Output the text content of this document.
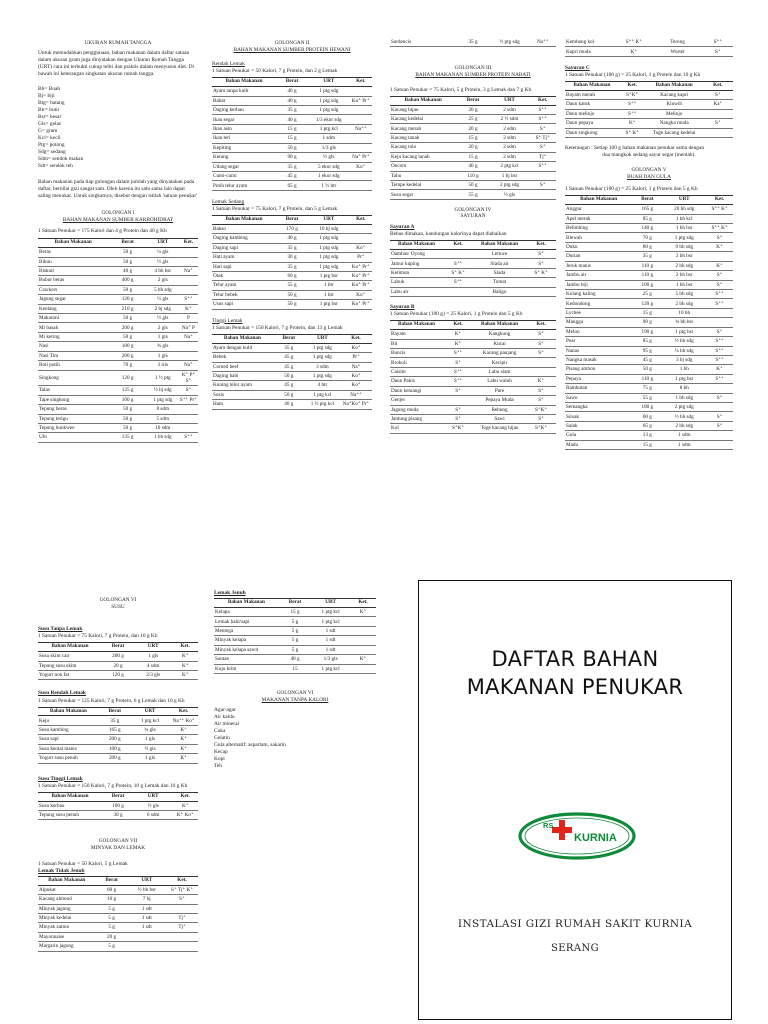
UKURAN RUMAH TANGGA

Untuk memudahkan penggunaan, bahan makanan dalam daftar satuan dalam ukuran gram juga dinyatakan dengan Ukuran Rumah Tangga (URT) cara ini terbukti cukup teliti dan praktis dalam menyusun diet. Di bawah ini keterangan singkatan ukuran rumah tangga.

Bh= Buah
Bj= biji
Btg= batang
Btr= butir
Bsr= besar
Gls= gelas
G= gram
Kcl= kecil
Ptg= potong
Sdg= sedang
Sdm= sendok makan
Sdt= sendok teh

Bahan makanan pada tiap golongan dalam jumlah yang dinyatakan pada daftar, bernilai gizi sangat sam. Oleh karena itu satu sama lain dapat saling menukar. Untuk singkatnya, disebut dengan istilah 'satuan penukar'

GOLONGAN I

BAHAN MAKANAN SUMBER KARBOHIDRAT

1 Satuan Penukar = 175 Kalori dan 4 g Protein dan 40 g Kh

Bahan Makanan	Berat	URT	Ket.
Beras	50 g	¼ gls	
Bihun	50 g	½ gls	
Biskuit	40 g	4 bh bsr	Na⁺
Bubur beras	400 g	2 gls	
Crackers	50 g	5 bh sdg	
Jagung segar	120 g	½ gls	S⁺⁺
Kentang	210 g	2 bj sdg	K⁺
Makaroni	50 g	½ gls	P
Mi basah	200 g	2 gls	Na⁺ P
Mi kering	50 g	1 gls	Na⁺
Nasi	100 g	¾ gls	
Nasi Tim	200 g	1 gls	
Roti putih	70 g	3 iris	Na⁺
Singkong	120 g	1 ½ ptg	K⁺ P⁺ S⁺
Talas	125 g	½ bj sdg	S⁺
Tape singkong	100 g	1 ptg sdg	S⁺⁺ Pr⁺
Tepung beras	50 g	8 sdm	
Tepung terigu	50 g	5 sdm	
Tepung hunkwee	50 g	10 sdm	
Ubi	135 g	1 bh sdg	S⁺⁺

GOLONGAN II

BAHAN MAKANAN SUMBER PROTEIN HEWANI

Rendah Lemak

1 Satuan Penukar = 50 Kalori, 7 g Protein, dan 2 g Lemak

Bahan Makanan	Berat	URT	Ket.
Ayam tanpa kulit	40 g	1 ptg sdg	
Babat	40 g	1 ptg sdg	Ko⁺ Pr⁺
Daging kerbau	35 g	1 ptg sdg	
Ikan segar	40 g	1/3 ekor sdg	
Ikan asin	15 g	1 ptg kcl	Na⁺⁺
Ikan teri	15 g	1 sdm	
Kepiting	50 g	1/3 gls	
Kerang	90 g	½ gls	Na⁺ Pr⁺
Udang segar	35 g	5 ekor sdg	Ko⁺
Cumi-cumi	45 g	1 ekor sdg	
Putih telur ayam	65 g	1 ½ btr	

Lemak Sedang

1 Satuan Penukar = 75 Kalori, 7 g Protein, dan 5 g Lemak

Bahan Makanan	Berat	URT	Ket.
Bakso	170 g	10 bj sdg	
Daging kambing	40 g	1 ptg sdg	
Daging sapi	35 g	1 ptg sdg	Ko⁺
Hati ayam	30 g	1 ptg sdg	Pr⁺
Hati sapi	35 g	1 ptg sdg	Ko⁺ Pr⁺
Otak	60 g	1 ptg bsr	Ko⁺ Pr⁺
Telur ayam	55 g	1 btr	Ko⁺ Pr⁺
Telur bebek	50 g	1 btr	Ko⁺
Usus sapi	50 g	1 ptg bsr	Ko⁺ Pr⁺

Tinggi Lemak

1 Satuan Penukar = 150 Kalori, 7 g Protein, dan 13 g Lemak

Bahan Makanan	Berat	URT	Ket.
Ayam dengan kulit	35 g	1 ptg sdg	Ko⁺
Bebek	45 g	1 ptg sdg	Pr⁺
Corned beef	45 g	3 sdm	Na⁺
Daging babi	50 g	1 ptg sdg	Ko⁺
Kuning telur ayam	45 g	4 btr	Ko⁺
Sosis	50 g	1 ptg kcl	Na⁺⁺
Ham	40 g	1 ½ ptg kcl	Na⁺Ko⁺ Pr⁺
Sardencis	35 g	½ ptg sdg	Na⁺⁺

GOLONGAN III

BAHAN MAKANAN SUMBER PROTEIN NABATI

1 Satuan Penukar = 75 Kalori, 5 g Protein, 3 g Lemak dan 7 g Kh

Bahan Makanan	Berat	URT	Ket.
Kacang hijau	20 g	2 sdm	S⁺⁺
Kacang kedelai	25 g	2 ½ sdm	S⁺⁺
Kacang merah	20 g	2 sdm	S⁺
Kacang tanah	15 g	2 sdm	S⁺ Tj⁺
Kacang tolo	20 g	2 sdm	S⁺
Keju kacang tanah	15 g	2 sdm	Tj⁺
Oncom	40 g	2 ptg kcl	S⁺⁺
Tahu	110 g	1 bj bsr	
Tempe kedelai	50 g	2 ptg sdg	S⁺
Susu segar	55 g	½ gls	

GOLONGAN IV

SAYURAN

Sayuran A

Bebas dimakan, kandungan kalorinya dapat diabaikan

Bahan Makanan	Ket.	Bahan Makanan	Ket.
Oambas/ Oyong		Lettuce	S⁺
Jamur kuping	S⁺⁺	Sladа air	S⁺
Ketimun	S⁺ K⁺	Slada	S⁺ K⁺
Labuk	S⁺⁺	Tomat	
Labu air		Baligo	

Sayuran B

1 Satuan Penukar (100 g) = 25 Kalori, 1 g Protein dan 5 g Kh

Bahan Makanan	Ket.	Bahan Makanan	Ket.
Bayam	K⁺	Kangkung	S⁺
Bit	K⁺	Kucai	S⁺
Buncis	S⁺⁺	Kacang panjang	S⁺
Brokoli	S⁺	Kecipir	
Caisim	S⁺⁺	Labu siam	
Daun Pakis	S⁺⁺	Labu waluh	K⁺
Daun kemangi	S⁺	Pare	S⁺
Genjer		Pepaya Muda	S⁺
Jagung muda	S⁺	Rebung	S⁺K⁺
Jantung pisang	S⁺	Sawi	S⁺
Kol	S⁺K⁺	Toge kacang hijau	S⁺K⁺
Kembang kol	S⁺⁺ K⁺	Terong	S⁺⁺
Kapri muda	K⁺	Wortel	S⁺

Sayuran C

1 Satuan Penukar (100 g) = 25 Kalori, 1 g Protein dan 10 g Kh

Bahan Makanan	Ket.	Bahan Makanan	Ket.
Bayam merah	S⁺K⁺	Kacang kapri	S⁺
Daun katuk	S⁺⁺	Kluwih	Ka⁺
Daun melinjo	S⁺⁺	Melinjo	
Daun pepaya	K⁺	Nangka muda	S⁺
Daun singkong	S⁺ K⁺	Toge kacang kedelai	

Keterangan : Setiap 100 g bahan makanan penukar sama dengan

dua mangkok sedang sayur segar (mentah).

GOLONGAN V

BUAH DAN GULA

1 Satuan Penukar (100 g) = 25 Kalori, 1 g Protein dan 5 g Kh

Bahan Makanan	Berat	URT	Ket.
Anggur	165 g	20 bh sdg	S⁺⁺ K⁺
Apel merah	85 g	1 bh kcl	
Belimbing	140 g	1 bh bsr	S⁺⁺ K⁺
Blewah	70 g	1 ptg sdg	S⁺
Duku	80 g	9 bh sdg	K⁺
Durian	35 g	2 bh bsr	
Jeruk manis	110 g	2 bh sdg	K⁺
Jambu air	110 g	2 bh bsr	S⁺
Jambu biji	100 g	1 bh bsr	S⁺
Kolang kaling	25 g	5 bh sdg	S⁺⁺
Kedondong	120 g	2 bh sdg	S⁺⁺
Lychee	15 g	10 bh	
Mangga	90 g	¾ bh bsr	
Melon	190 g	1 ptg bsr	S⁺
Pear	85 g	½ bh sdg	S⁺⁺
Nanas	95 g	¼ bh sdg	S⁺⁺
Nangka masak	45 g	3 bj sdg	S⁺⁺
Pisang ambon	50 g	1 bh	K⁺
Pepaya	110 g	1 ptg bsr	S⁺⁺
Rambutan	75 g	8 bh	
Sawo	55 g	1 bh sdg	S⁺
Semangka	180 g	2 ptg sdg	
Sirsak	60 g	½ bh sdg	S⁺
Salak	65 g	2 bh sdg	S⁺
Gula	13 g	1 sdm	
Madu	15 g	1 sdm	

GOLONGAN VI

SUSU

Susu Tanpa Lemak

1 Satuan Penukar = 75 Kalori, 7 g Protein, dan 10 g Kh

Bahan Makanan	Berat	URT	Ket.
Susu skim cair	200 g	1 gls	K⁺
Tepung susu skim	20 g	4 sdm	K⁺
Yogurt non fat	120 g	2/3 gls	K⁺

Susu Rendah Lemak

1 Satuan Penukar = 125 Kalori, 7 g Protein, 6 g Lemak dan 10 g Kh

Bahan Makanan	Berat	URT	Ket.
Keju	35 g	1 ptg kcl	Na⁺⁺ Ko⁺
Susu kambing	165 g	¾ gls	K⁺
Susu sapi	200 g	1 gls	K⁺
Susu kental manis	100 g	½ gls	K⁺
Yogurt susu penuh	200 g	1 gls	K⁺

Susu Tinggi Lemak

1 Satuan Penukar = 150 Kalori, 7 g Protein, 10 g Lemak dan 10 g Kh

Bahan Makanan	Berat	URT	Ket.
Susu kerbau	100 g	½ gls	K⁺
Tepung susu penuh	30 g	6 sdm	K⁺ Ko⁺

GOLONGAN VII

MINYAK DAN LEMAK

1 Satuan Penukar = 50 Kalori, 5 g Lemak

Lemak Tidak Jenuh

Bahan Makanan	Berat	URT	Ket.
Alpukat	60 g	½ bh bsr	S⁺ Tj⁺ K⁺
Kacang almond	10 g	7 bj	S⁺
Minyak jagung	5 g	1 sdt	
Minyak kedelai	5 g	1 sdt	Tj⁺
Minyak zaitun	5 g	1 sdt	Tj⁺
Mayonnaise	20 g		
Margarin jagung	5 g		

Lemak Jenuh

Bahan Makanan	Berat	URT	Ket.
Kelapa	15 g	1 ptg kcl	K⁺
Lemak babi/sapi	5 g	1 ptg kcl	
Mentega	5 g	1 sdt	
Minyak kelapa	5 g	1 sdt	
Minyak kelapa sawit	5 g	1 sdt	
Santan	40 g	1/3 gls	K⁺
Kuju krim	15	1 ptg kcl	

GOLONGAN VI

MAKANAN TANPA KALORI

Agar-agar
Air kaldu
Air mineral
Cuka
Gelatin
Gula alternatif: aspartam, sakarin
Kecap
Kopi
Teh
DAFTAR BAHAN
MAKANAN PENUKAR
RS
KURNIA
INSTALASI GIZI RUMAH SAKIT KURNIA
SERANG
